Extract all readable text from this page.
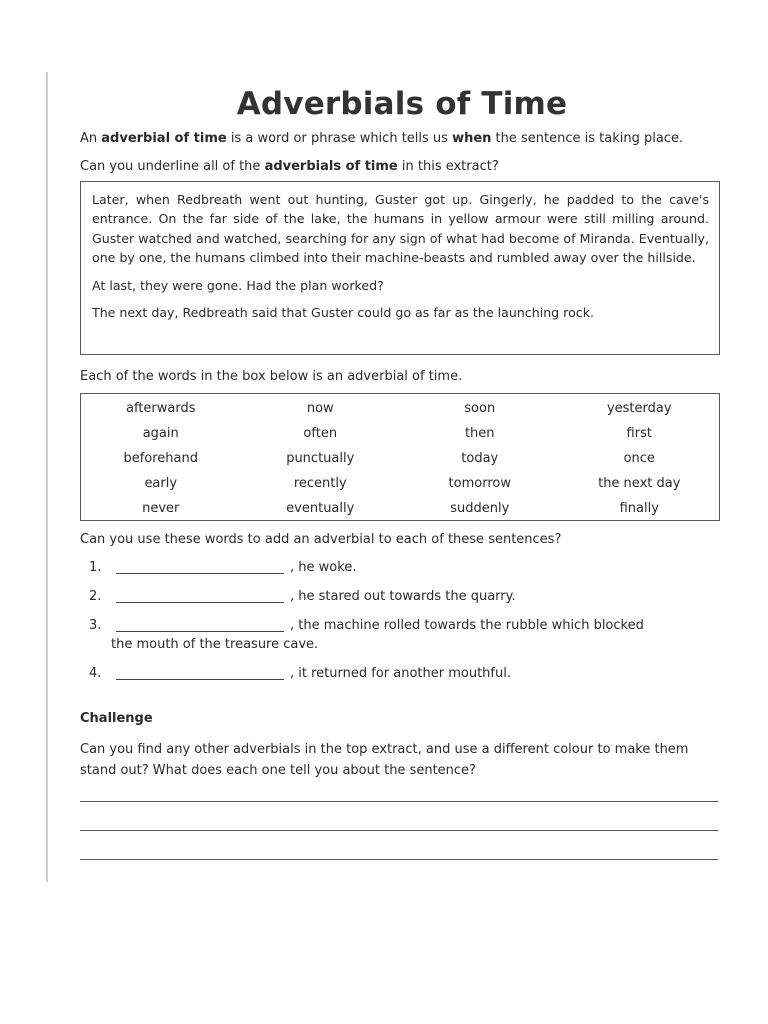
Adverbials of Time

An adverbial of time is a word or phrase which tells us when the sentence is taking place.

Can you underline all of the adverbials of time in this extract?

Later, when Redbreath went out hunting, Guster got up. Gingerly, he padded to the cave's entrance. On the far side of the lake, the humans in yellow armour were still milling around. Guster watched and watched, searching for any sign of what had become of Miranda. Eventually, one by one, the humans climbed into their machine-beasts and rumbled away over the hillside.

At last, they were gone. Had the plan worked?

The next day, Redbreath said that Guster could go as far as the launching rock.

Each of the words in the box below is an adverbial of time.

afterwards	now	soon	yesterday
again	often	then	first
beforehand	punctually	today	once
early	recently	tomorrow	the next day
never	eventually	suddenly	finally

Can you use these words to add an adverbial to each of these sentences?

1.	, he woke.
2.	, he stared out towards the quarry.
3.	, the machine rolled towards the rubble which blocked
the mouth of the treasure cave.
4.	, it returned for another mouthful.
Challenge

Can you find any other adverbials in the top extract, and use a different colour to make them stand out? What does each one tell you about the sentence?
